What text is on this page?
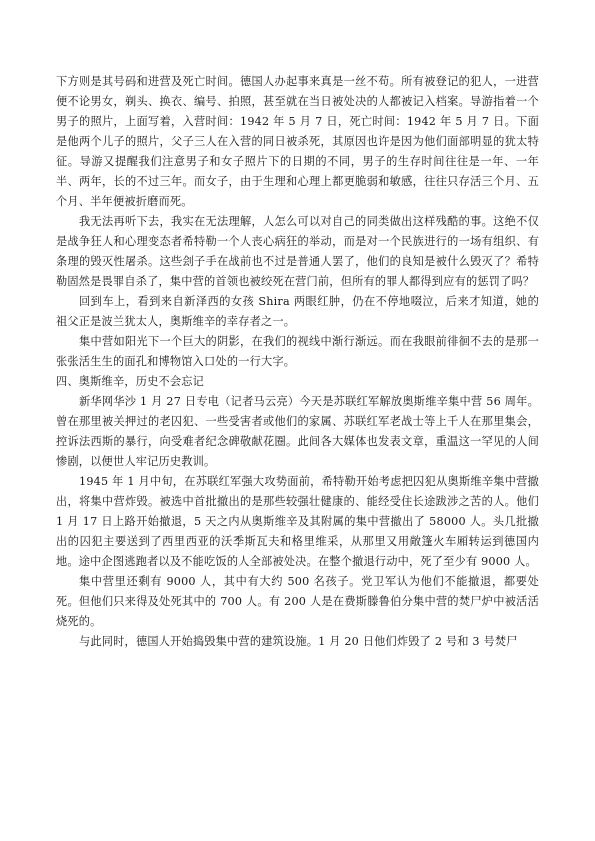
下方则是其号码和进营及死亡时间。德国人办起事来真是一丝不苟。所有被登记的犯人，一进营便不论男女，剃头、换衣、编号、拍照，甚至就在当日被处决的人都被记入档案。导游指着一个男子的照片，上面写着，入营时间：1942 年 5 月 7 日，死亡时间：1942 年 5 月 7 日。下面是他两个儿子的照片，父子三人在入营的同日被杀死，其原因也许是因为他们面部明显的犹太特征。导游又提醒我们注意男子和女子照片下的日期的不同，男子的生存时间往往是一年、一年半、两年，长的不过三年。而女子，由于生理和心理上都更脆弱和敏感，往往只存活三个月、五个月、半年便被折磨而死。

我无法再听下去，我实在无法理解，人怎么可以对自己的同类做出这样残酷的事。这绝不仅是战争狂人和心理变态者希特勒一个人丧心病狂的举动，而是对一个民族进行的一场有组织、有条理的毁灭性屠杀。这些刽子手在战前也不过是普通人罢了，他们的良知是被什么毁灭了？希特勒固然是畏罪自杀了，集中营的首领也被绞死在营门前，但所有的罪人都得到应有的惩罚了吗？

回到车上，看到来自新泽西的女孩 Shira 两眼红肿，仍在不停地啜泣，后来才知道，她的祖父正是波兰犹太人，奥斯维辛的幸存者之一。

集中营如阳光下一个巨大的阴影，在我们的视线中渐行渐远。而在我眼前徘徊不去的是那一张张活生生的面孔和博物馆入口处的一行大字。

四、奥斯维辛，历史不会忘记

新华网华沙 1 月 27 日专电（记者马云亮）今天是苏联红军解放奥斯维辛集中营 56 周年。曾在那里被关押过的老囚犯、一些受害者或他们的家属、苏联红军老战士等上千人在那里集会，控诉法西斯的暴行，向受难者纪念碑敬献花圈。此间各大媒体也发表文章，重温这一罕见的人间惨剧，以便世人牢记历史教训。

1945 年 1 月中旬，在苏联红军强大攻势面前，希特勒开始考虑把囚犯从奥斯维辛集中营撤出，将集中营炸毁。被选中首批撤出的是那些较强壮健康的、能经受住长途跋涉之苦的人。他们 1 月 17 日上路开始撤退，5 天之内从奥斯维辛及其附属的集中营撤出了 58000 人。头几批撤出的囚犯主要送到了西里西亚的沃季斯瓦夫和格里维采，从那里又用敞篷火车厢转运到德国内地。途中企图逃跑者以及不能吃饭的人全部被处决。在整个撤退行动中，死了至少有 9000 人。

集中营里还剩有 9000 人，其中有大约 500 名孩子。党卫军认为他们不能撤退，都要处死。但他们只来得及处死其中的 700 人。有 200 人是在费斯滕鲁伯分集中营的焚尸炉中被活活烧死的。

与此同时，德国人开始捣毁集中营的建筑设施。1 月 20 日他们炸毁了 2 号和 3 号焚尸
